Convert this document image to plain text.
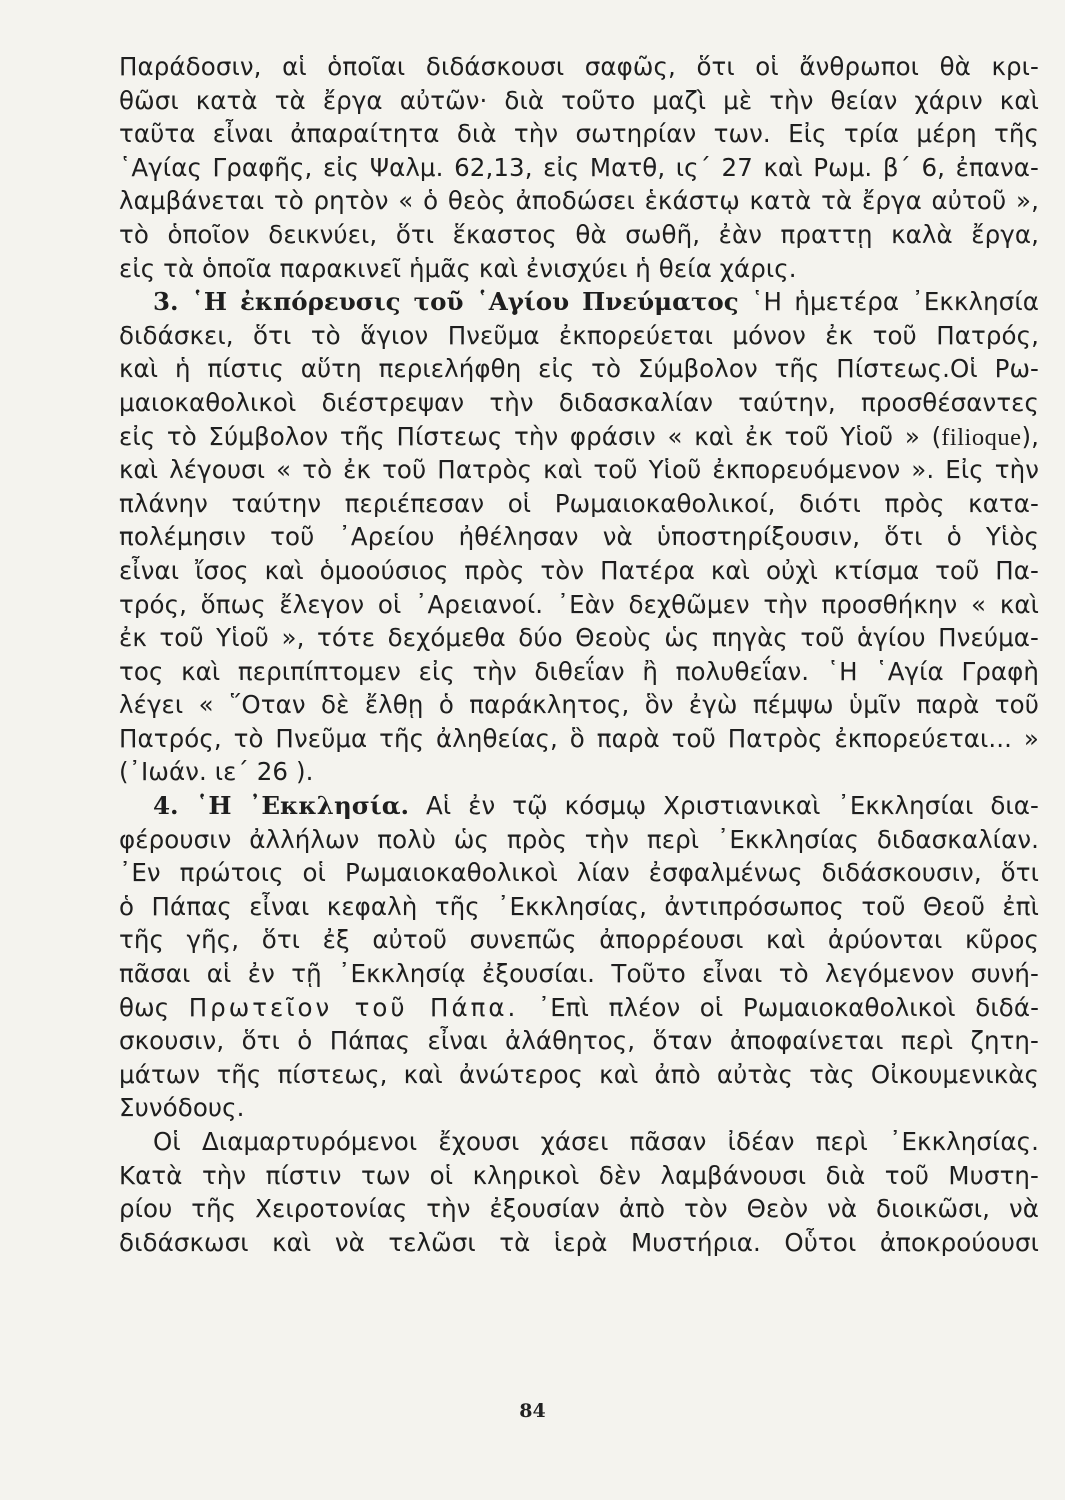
Παράδοσιν, αἱ ὁποῖαι διδάσκουσι σαφῶς, ὅτι οἱ ἄνθρωποι θὰ κρι-
θῶσι κατὰ τὰ ἔργα αὐτῶν· διὰ τοῦτο μαζὶ μὲ τὴν θείαν χάριν καὶ
ταῦτα εἶναι ἀπαραίτητα διὰ τὴν σωτηρίαν των. Εἰς τρία μέρη τῆς
῾Αγίας Γραφῆς, εἰς Ψαλμ. 62,13, εἰς Ματθ, ις΄ 27 καὶ Ρωμ. β΄ 6, ἐπανα-
λαμβάνεται τὸ ρητὸν « ὁ θεὸς ἀποδώσει ἑκάστῳ κατὰ τὰ ἔργα αὐτοῦ »,
τὸ ὁποῖον δεικνύει, ὅτι ἕκαστος θὰ σωθῆ, ἐὰν πραττῃ καλὰ ἔργα,
εἰς τὰ ὁποῖα παρακινεῖ ἡμᾶς καὶ ἐνισχύει ἡ θεία χάρις.
3. ῾Η ἐκπόρευσις τοῦ ῾Αγίου Πνεύματος ῾Η ἡμετέρα ᾿Εκκλησία
διδάσκει, ὅτι τὸ ἅγιον Πνεῦμα ἐκπορεύεται μόνον ἐκ τοῦ Πατρός,
καὶ ἡ πίστις αὕτη περιελήφθη εἰς τὸ Σύμβολον τῆς Πίστεως.Οἱ Ρω-
μαιοκαθολικοὶ διέστρεψαν τὴν διδασκαλίαν ταύτην, προσθέσαντες
εἰς τὸ Σύμβολον τῆς Πίστεως τὴν φράσιν « καὶ ἐκ τοῦ Υἱοῦ » (filioque),
καὶ λέγουσι « τὸ ἐκ τοῦ Πατρὸς καὶ τοῦ Υἱοῦ ἐκπορευόμενον ». Εἰς τὴν
πλάνην ταύτην περιέπεσαν οἱ Ρωμαιοκαθολικοί, διότι πρὸς κατα-
πολέμησιν τοῦ ᾿Αρείου ἠθέλησαν νὰ ὑποστηρίξουσιν, ὅτι ὁ Υἱὸς
εἶναι ἴσος καὶ ὁμοούσιος πρὸς τὸν Πατέρα καὶ οὐχὶ κτίσμα τοῦ Πα-
τρός, ὅπως ἔλεγον οἱ ᾿Αρειανοί. ᾿Εὰν δεχθῶμεν τὴν προσθήκην « καὶ
ἐκ τοῦ Υἱοῦ », τότε δεχόμεθα δύο Θεοὺς ὡς πηγὰς τοῦ ἁγίου Πνεύμα-
τος καὶ περιπίπτομεν εἰς τὴν διθεΐαν ἢ πολυθεΐαν. ῾Η ῾Αγία Γραφὴ
λέγει « ῞Οταν δὲ ἔλθῃ ὁ παράκλητος, ὃν ἐγὼ πέμψω ὑμῖν παρὰ τοῦ
Πατρός, τὸ Πνεῦμα τῆς ἀληθείας, ὃ παρὰ τοῦ Πατρὸς ἐκπορεύεται... »
(᾿Ιωάν. ιε΄ 26 ).
4. ῾Η ᾿Εκκλησία. Αἱ ἐν τῷ κόσμῳ Χριστιανικαὶ ᾿Εκκλησίαι δια-
φέρουσιν ἀλλήλων πολὺ ὡς πρὸς τὴν περὶ ᾿Εκκλησίας διδασκαλίαν.
᾿Εν πρώτοις οἱ Ρωμαιοκαθολικοὶ λίαν ἐσφαλμένως διδάσκουσιν, ὅτι
ὁ Πάπας εἶναι κεφαλὴ τῆς ᾿Εκκλησίας, ἀντιπρόσωπος τοῦ Θεοῦ ἐπὶ
τῆς γῆς, ὅτι ἐξ αὐτοῦ συνεπῶς ἀπορρέουσι καὶ ἀρύονται κῦρος
πᾶσαι αἱ ἐν τῇ ᾿Εκκλησίᾳ ἐξουσίαι. Τοῦτο εἶναι τὸ λεγόμενον συνή-
θως Πρωτεῖον τοῦ Πάπα. ᾿Επὶ πλέον οἱ Ρωμαιοκαθολικοὶ διδά-
σκουσιν, ὅτι ὁ Πάπας εἶναι ἀλάθητος, ὅταν ἀποφαίνεται περὶ ζητη-
μάτων τῆς πίστεως, καὶ ἀνώτερος καὶ ἀπὸ αὐτὰς τὰς Οἰκουμενικὰς
Συνόδους.
Οἱ Διαμαρτυρόμενοι ἔχουσι χάσει πᾶσαν ἰδέαν περὶ ᾿Εκκλησίας.
Κατὰ τὴν πίστιν των οἱ κληρικοὶ δὲν λαμβάνουσι διὰ τοῦ Μυστη-
ρίου τῆς Χειροτονίας τὴν ἐξουσίαν ἀπὸ τὸν Θεὸν νὰ διοικῶσι, νὰ
διδάσκωσι καὶ νὰ τελῶσι τὰ ἱερὰ Μυστήρια. Οὗτοι ἀποκρούουσι
84
